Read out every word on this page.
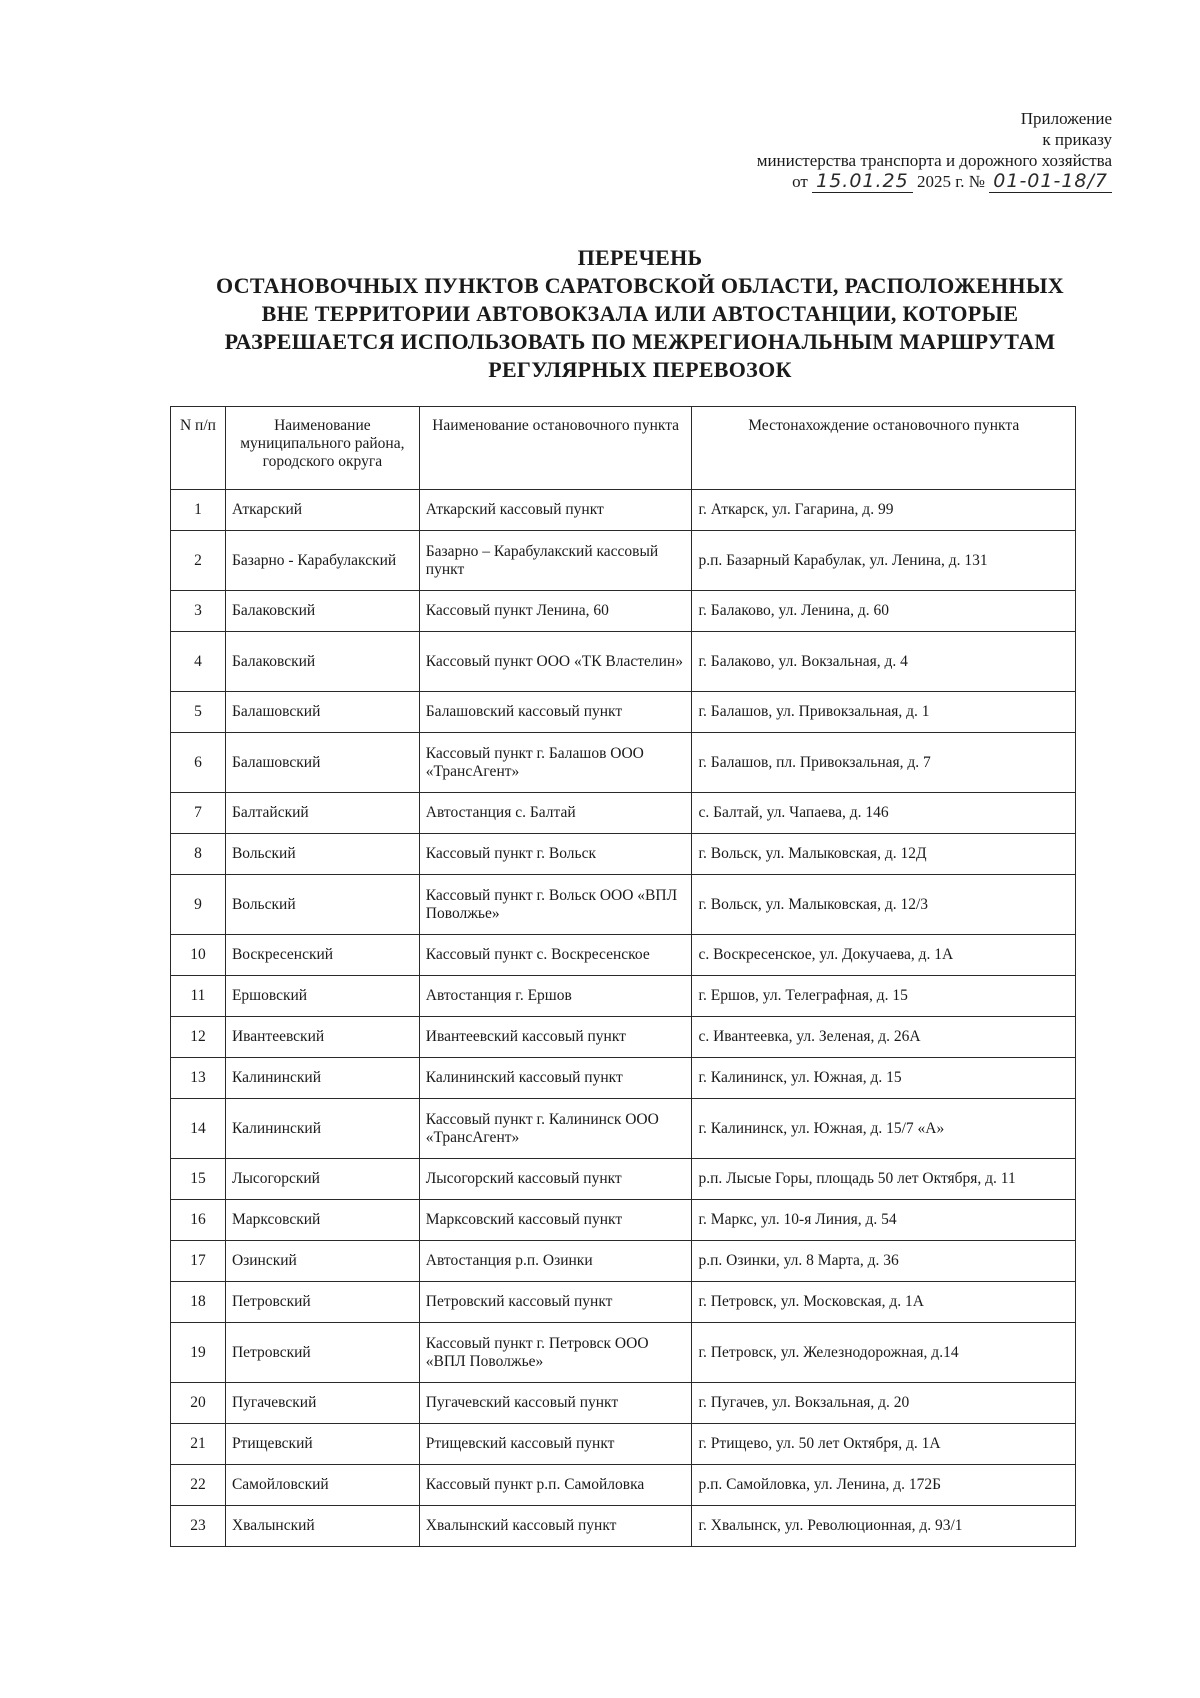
Приложение
к приказу
министерства транспорта и дорожного хозяйства
от 15.01.25 2025 г. № 01-01-18/7
ПЕРЕЧЕНЬ
ОСТАНОВОЧНЫХ ПУНКТОВ САРАТОВСКОЙ ОБЛАСТИ, РАСПОЛОЖЕННЫХ
ВНЕ ТЕРРИТОРИИ АВТОВОКЗАЛА ИЛИ АВТОСТАНЦИИ, КОТОРЫЕ
РАЗРЕШАЕТСЯ ИСПОЛЬЗОВАТЬ ПО МЕЖРЕГИОНАЛЬНЫМ МАРШРУТАМ
РЕГУЛЯРНЫХ ПЕРЕВОЗОК
N п/п	Наименование муниципального района, городского округа	Наименование остановочного пункта	Местонахождение остановочного пункта
1	Аткарский	Аткарский кассовый пункт	г. Аткарск, ул. Гагарина, д. 99
2	Базарно - Карабулакский	Базарно – Карабулакский кассовый пункт	р.п. Базарный Карабулак, ул. Ленина, д. 131
3	Балаковский	Кассовый пункт Ленина, 60	г. Балаково, ул. Ленина, д. 60
4	Балаковский	Кассовый пункт ООО «ТК Властелин»	г. Балаково, ул. Вокзальная, д. 4
5	Балашовский	Балашовский кассовый пункт	г. Балашов, ул. Привокзальная, д. 1
6	Балашовский	Кассовый пункт г. Балашов ООО «ТрансАгент»	г. Балашов, пл. Привокзальная, д. 7
7	Балтайский	Автостанция с. Балтай	с. Балтай, ул. Чапаева, д. 146
8	Вольский	Кассовый пункт г. Вольск	г. Вольск, ул. Малыковская, д. 12Д
9	Вольский	Кассовый пункт г. Вольск ООО «ВПЛ Поволжье»	г. Вольск, ул. Малыковская, д. 12/3
10	Воскресенский	Кассовый пункт с. Воскресенское	с. Воскресенское, ул. Докучаева, д. 1А
11	Ершовский	Автостанция г. Ершов	г. Ершов, ул. Телеграфная, д. 15
12	Ивантеевский	Ивантеевский кассовый пункт	с. Ивантеевка, ул. Зеленая, д. 26А
13	Калининский	Калининский кассовый пункт	г. Калининск, ул. Южная, д. 15
14	Калининский	Кассовый пункт г. Калининск ООО «ТрансАгент»	г. Калининск, ул. Южная, д. 15/7 «А»
15	Лысогорский	Лысогорский кассовый пункт	р.п. Лысые Горы, площадь 50 лет Октября, д. 11
16	Марксовский	Марксовский кассовый пункт	г. Маркс, ул. 10-я Линия, д. 54
17	Озинский	Автостанция р.п. Озинки	р.п. Озинки, ул. 8 Марта, д. 36
18	Петровский	Петровский кассовый пункт	г. Петровск, ул. Московская, д. 1А
19	Петровский	Кассовый пункт г. Петровск ООО «ВПЛ Поволжье»	г. Петровск, ул. Железнодорожная, д.14
20	Пугачевский	Пугачевский кассовый пункт	г. Пугачев, ул. Вокзальная, д. 20
21	Ртищевский	Ртищевский кассовый пункт	г. Ртищево, ул. 50 лет Октября, д. 1А
22	Самойловский	Кассовый пункт р.п. Самойловка	р.п. Самойловка, ул. Ленина, д. 172Б
23	Хвалынский	Хвалынский кассовый пункт	г. Хвалынск, ул. Революционная, д. 93/1
